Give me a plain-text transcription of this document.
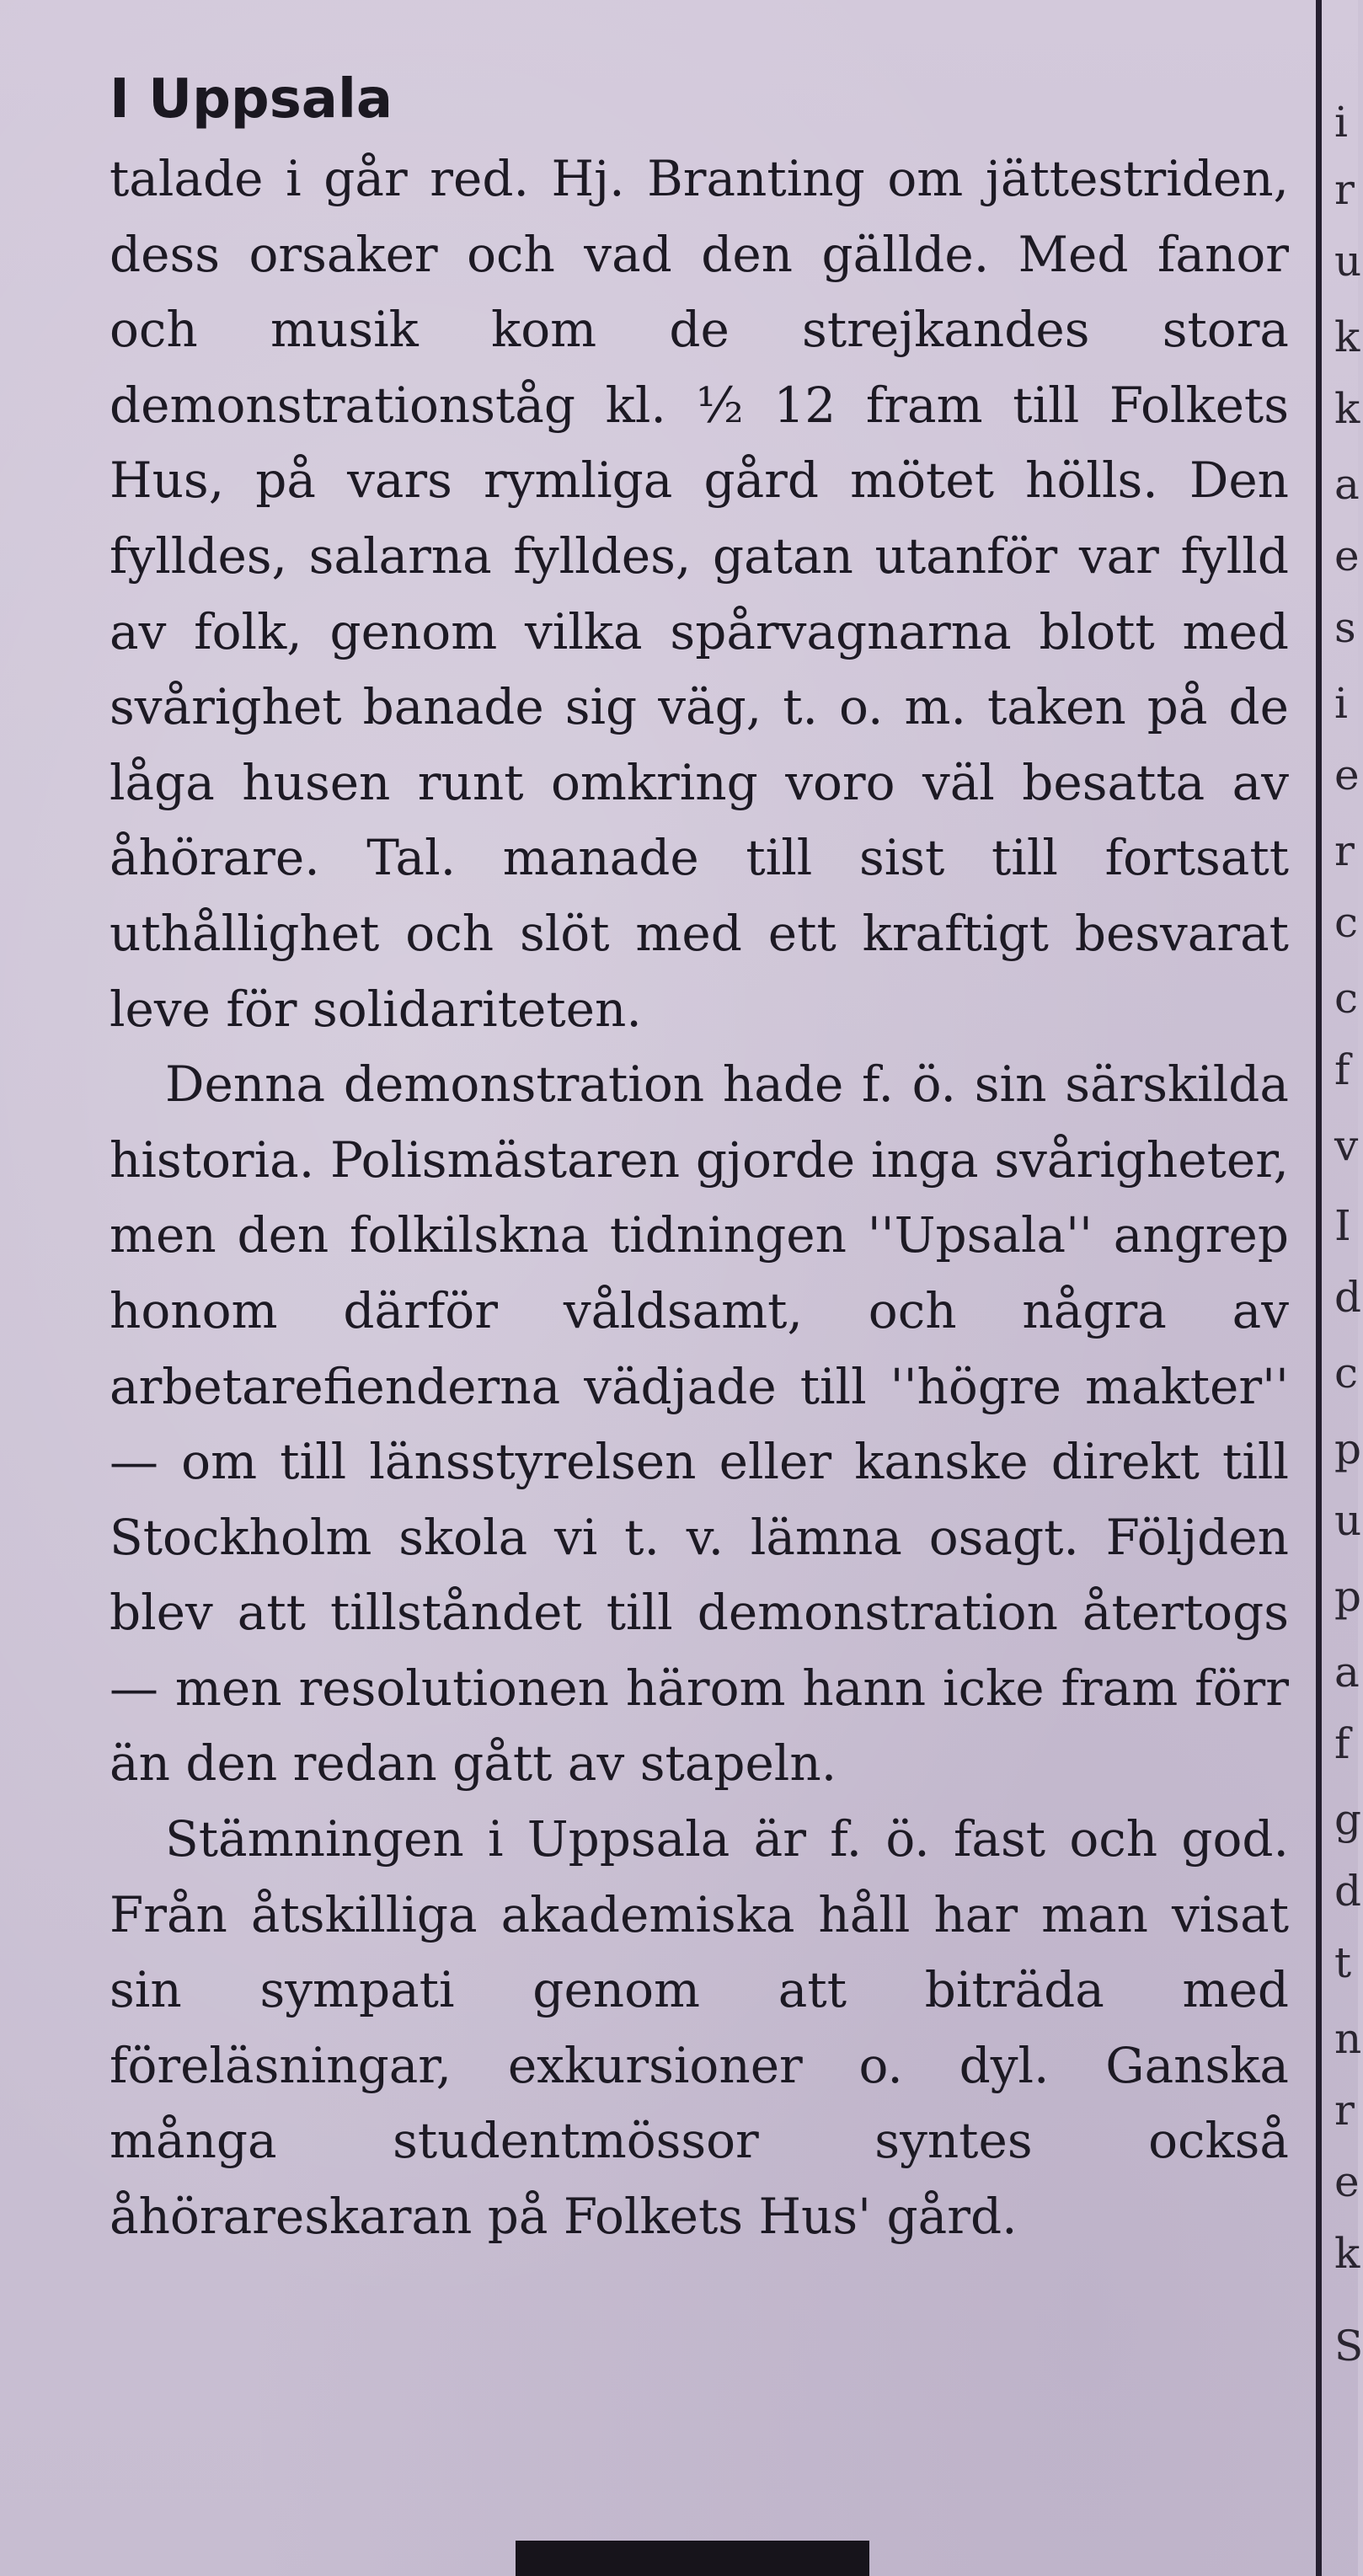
I Uppsala

talade i går red. Hj. Branting om jättestriden, dess orsaker och vad den gällde. Med fanor och musik kom de strejkandes stora demonstrationståg kl. ½ 12 fram till Folkets Hus, på vars rymliga gård mötet hölls. Den fylldes, salarna fylldes, gatan utanför var fylld av folk, genom vilka spårvagnarna blott med svårighet banade sig väg, t. o. m. taken på de låga husen runt omkring voro väl besatta av åhörare. Tal. manade till sist till fortsatt uthållighet och slöt med ett kraftigt besvarat leve för solidariteten.

Denna demonstration hade f. ö. sin särskilda historia. Polismästaren gjorde inga svårigheter, men den folkilskna tidningen ''Upsala'' angrep honom därför våldsamt, och några av arbetarefienderna vädjade till ''högre makter'' — om till länsstyrelsen eller kanske direkt till Stockholm skola vi t. v. lämna osagt. Följden blev att tillståndet till demonstration återtogs — men resolutionen härom hann icke fram förr än den redan gått av stapeln.

Stämningen i Uppsala är f. ö. fast och god. Från åtskilliga akademiska håll har man visat sin sympati genom att biträda med föreläsningar, exkursioner o. dyl. Ganska många studentmössor syntes också åhörareskaran på Folkets Hus' gård.

i
r
u
k
k
a
e
s
i
e
r
c
c
f
v
I
d
c
p
u
p
a
f
g
d
t
n
r
e
k
S
